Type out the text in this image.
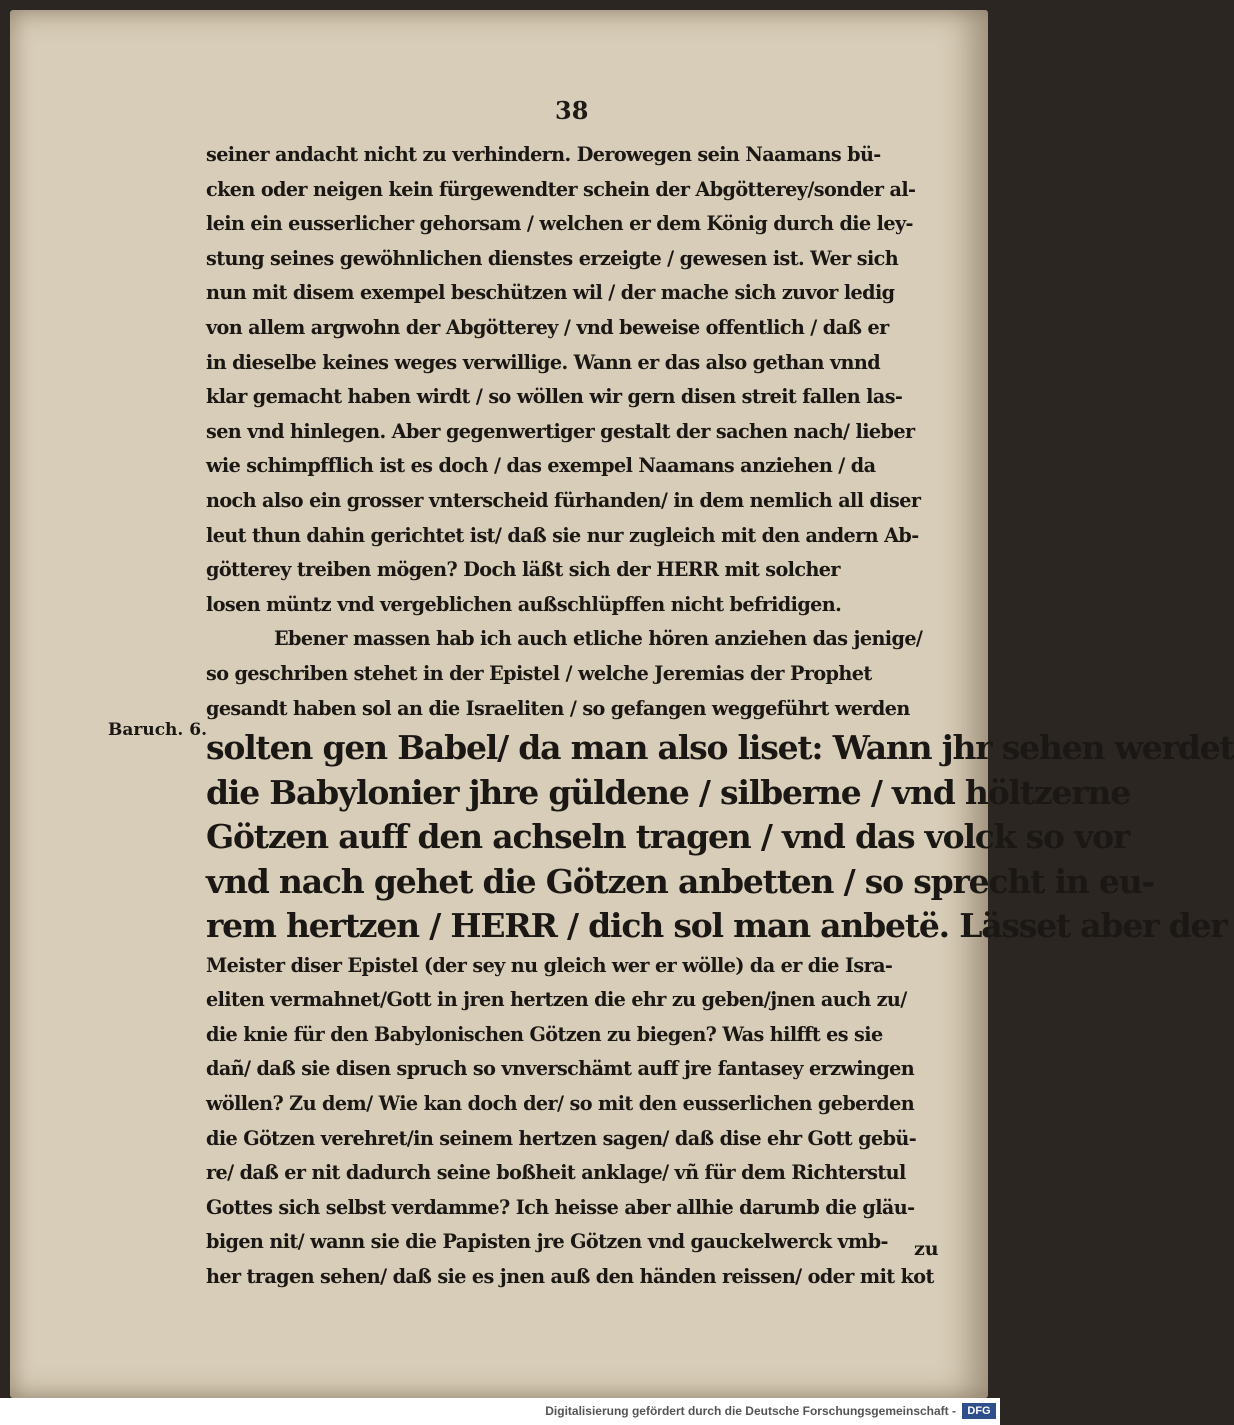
38
Baruch. 6.
seiner andacht nicht zu verhindern. Derowegen sein Naamans bü-
cken oder neigen kein fürgewendter schein der Abgötterey/sonder al-
lein ein eusserlicher gehorsam / welchen er dem König durch die ley-
stung seines gewöhnlichen dienstes erzeigte / gewesen ist. Wer sich
nun mit disem exempel beschützen wil / der mache sich zuvor ledig
von allem argwohn der Abgötterey / vnd beweise offentlich / daß er
in dieselbe keines weges verwillige. Wann er das also gethan vnnd
klar gemacht haben wirdt / so wöllen wir gern disen streit fallen las-
sen vnd hinlegen. Aber gegenwertiger gestalt der sachen nach/ lieber
wie schimpfflich ist es doch / das exempel Naamans anziehen / da
noch also ein grosser vnterscheid fürhanden/ in dem nemlich all diser
leut thun dahin gerichtet ist/ daß sie nur zugleich mit den andern Ab-
götterey treiben mögen? Doch läßt sich der HERR mit solcher
losen müntz vnd vergeblichen außschlüpffen nicht befridigen.
Ebener massen hab ich auch etliche hören anziehen das jenige/
so geschriben stehet in der Epistel / welche Jeremias der Prophet
gesandt haben sol an die Israeliten / so gefangen weggeführt werden
solten gen Babel/ da man also liset: Wann jhr sehen werdet
die Babylonier jhre güldene / silberne / vnd höltzerne
Götzen auff den achseln tragen / vnd das volck so vor
vnd nach gehet die Götzen anbetten / so sprecht in eu-
rem hertzen / HERR / dich sol man anbetë. Lässet aber der
Meister diser Epistel (der sey nu gleich wer er wölle) da er die Isra-
eliten vermahnet/Gott in jren hertzen die ehr zu geben/jnen auch zu/
die knie für den Babylonischen Götzen zu biegen? Was hilfft es sie
dañ/ daß sie disen spruch so vnverschämt auff jre fantasey erzwingen
wöllen? Zu dem/ Wie kan doch der/ so mit den eusserlichen geberden
die Götzen verehret/in seinem hertzen sagen/ daß dise ehr Gott gebü-
re/ daß er nit dadurch seine boßheit anklage/ vñ für dem Richterstul
Gottes sich selbst verdamme? Ich heisse aber allhie darumb die gläu-
bigen nit/ wann sie die Papisten jre Götzen vnd gauckelwerck vmb-
her tragen sehen/ daß sie es jnen auß den händen reissen/ oder mit kot
zu
Digitalisierung gefördert durch die Deutsche Forschungsgemeinschaft -	DFG
